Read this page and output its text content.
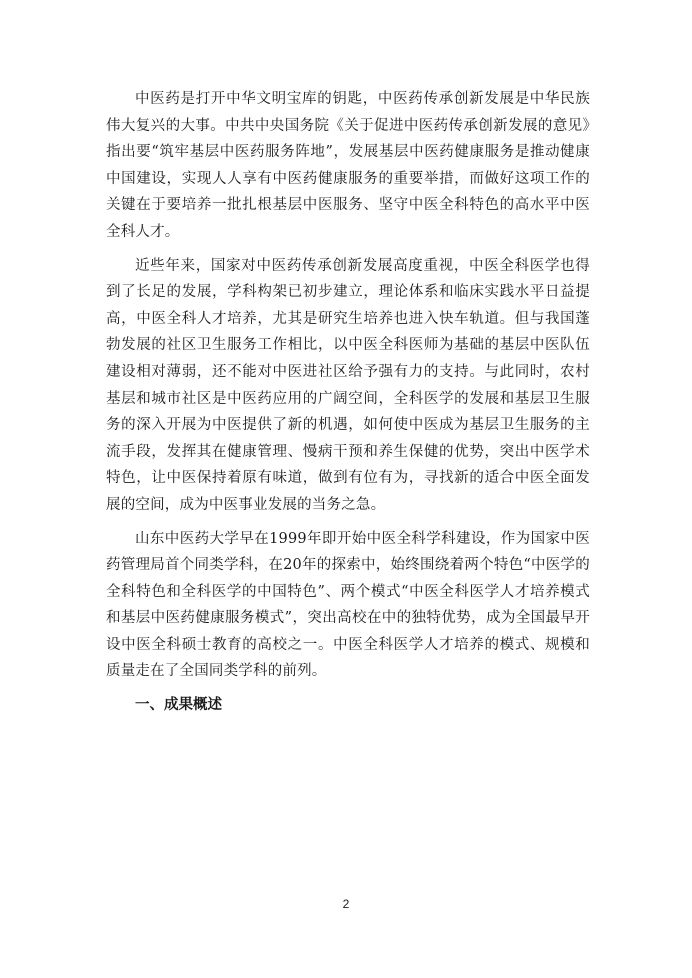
中医药是打开中华文明宝库的钥匙，中医药传承创新发展是中华民族伟大复兴的大事。中共中央国务院《关于促进中医药传承创新发展的意见》指出要“筑牢基层中医药服务阵地”，发展基层中医药健康服务是推动健康中国建设，实现人人享有中医药健康服务的重要举措，而做好这项工作的关键在于要培养一批扎根基层中医服务、坚守中医全科特色的高水平中医全科人才。

近些年来，国家对中医药传承创新发展高度重视，中医全科医学也得到了长足的发展，学科构架已初步建立，理论体系和临床实践水平日益提高，中医全科人才培养，尤其是研究生培养也进入快车轨道。但与我国蓬勃发展的社区卫生服务工作相比，以中医全科医师为基础的基层中医队伍建设相对薄弱，还不能对中医进社区给予强有力的支持。与此同时，农村基层和城市社区是中医药应用的广阔空间，全科医学的发展和基层卫生服务的深入开展为中医提供了新的机遇，如何使中医成为基层卫生服务的主流手段，发挥其在健康管理、慢病干预和养生保健的优势，突出中医学术特色，让中医保持着原有味道，做到有位有为，寻找新的适合中医全面发展的空间，成为中医事业发展的当务之急。

山东中医药大学早在1999年即开始中医全科学科建设，作为国家中医药管理局首个同类学科，在20年的探索中，始终围绕着两个特色“中医学的全科特色和全科医学的中国特色”、两个模式“中医全科医学人才培养模式和基层中医药健康服务模式”，突出高校在中的独特优势，成为全国最早开设中医全科硕士教育的高校之一。中医全科医学人才培养的模式、规模和质量走在了全国同类学科的前列。

一、成果概述
2
